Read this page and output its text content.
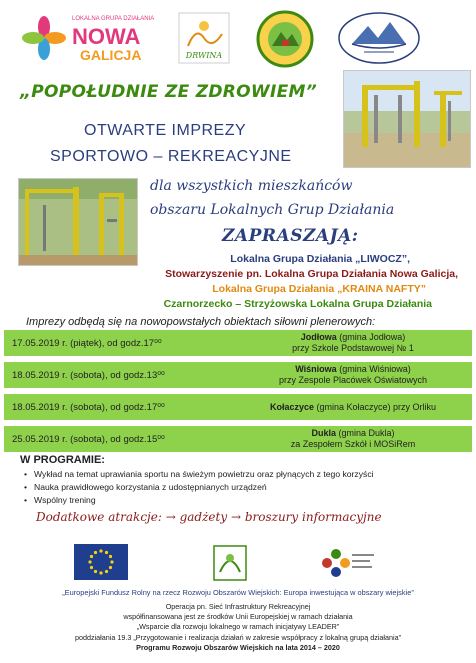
LOKALNA GRUPA DZIAŁANIA
NOWA
GALICJA	DRWINA
„POPOŁUDNIE ZE ZDROWIEM”
OTWARTE IMPREZY
SPORTOWO – REKREACYJNE
dla wszystkich mieszkańców
obszaru Lokalnych Grup Działania
ZAPRASZAJĄ:
Lokalna Grupa Działania „LIWOCZ”,
Stowarzyszenie pn. Lokalna Grupa Działania Nowa Galicja,
Lokalna Grupa Działania „KRAINA NAFTY”
Czarnorzecko – Strzyżowska Lokalna Grupa Działania
Imprezy odbędą się na nowopowstałych obiektach siłowni plenerowych:
17.05.2019 r. (piątek), od godz.17⁰⁰
Jodłowa (gmina Jodłowa)
przy Szkole Podstawowej № 1
18.05.2019 r. (sobota), od godz.13⁰⁰
Wiśniowa (gmina Wiśniowa)
przy Zespole Placówek Oświatowych
18.05.2019 r. (sobota), od godz.17⁰⁰	Kołaczyce (gmina Kołaczyce) przy Orliku
25.05.2019 r. (sobota), od godz.15⁰⁰
Dukla (gmina Dukla)
za Zespołem Szkół i MOSiRem
W PROGRAMIE:
• Wykład na temat uprawiania sportu na świeżym powietrzu oraz płynących z tego korzyści
• Nauka prawidłowego korzystania z udostępnianych urządzeń
• Wspólny trening
Dodatkowe atrakcje: → gadżety → broszury informacyjne
„Europejski Fundusz Rolny na rzecz Rozwoju Obszarów Wiejskich: Europa inwestująca w obszary wiejskie”
Operacja pn. Sieć Infrastruktury Rekreacyjnej
współfinansowana jest ze środków Unii Europejskiej w ramach działania
„Wsparcie dla rozwoju lokalnego w ramach inicjatywy LEADER”
poddziałania 19.3 „Przygotowanie i realizacja działań w zakresie współpracy z lokalną grupą działania”
Programu Rozwoju Obszarów Wiejskich na lata 2014 – 2020
